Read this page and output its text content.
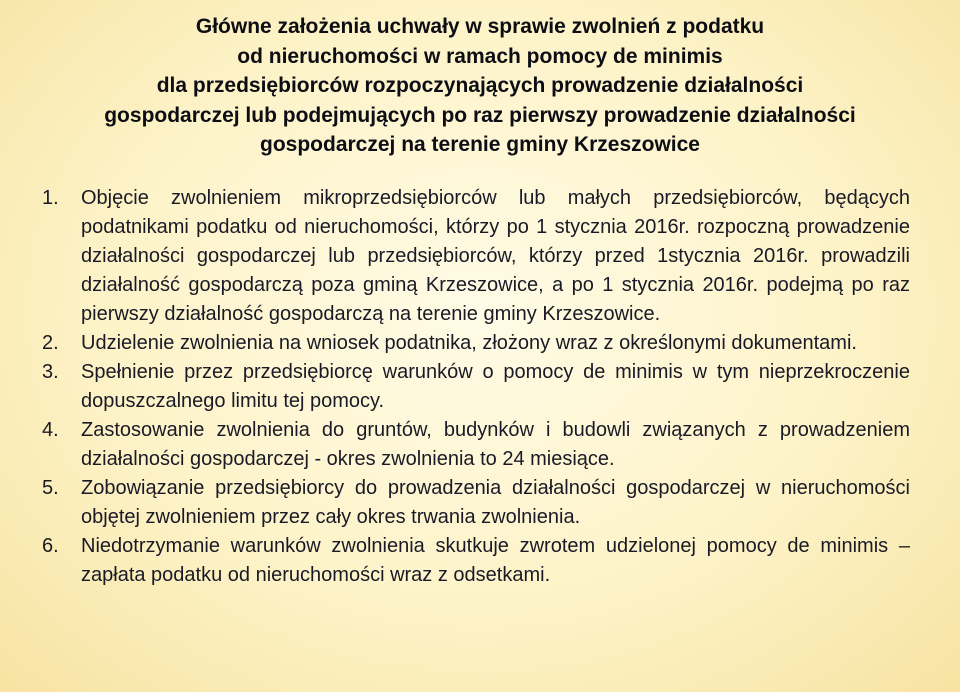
Główne założenia uchwały w sprawie zwolnień z podatku
od nieruchomości w ramach pomocy de minimis
dla przedsiębiorców rozpoczynających prowadzenie działalności
gospodarczej lub podejmujących po raz pierwszy prowadzenie działalności
gospodarczej na terenie gminy Krzeszowice
1. Objęcie zwolnieniem mikroprzedsiębiorców lub małych przedsiębiorców, będących podatnikami podatku od nieruchomości, którzy po 1 stycznia 2016r. rozpoczną prowadzenie działalności gospodarczej lub przedsiębiorców, którzy przed 1stycznia 2016r. prowadzili działalność gospodarczą poza gminą Krzeszowice, a po 1 stycznia 2016r. podejmą po raz pierwszy działalność gospodarczą na terenie gminy Krzeszowice.
2. Udzielenie zwolnienia na wniosek podatnika, złożony wraz z określonymi dokumentami.
3. Spełnienie przez przedsiębiorcę warunków o pomocy de minimis w tym nieprzekroczenie dopuszczalnego limitu tej pomocy.
4. Zastosowanie zwolnienia do gruntów, budynków i budowli związanych z prowadzeniem działalności gospodarczej - okres zwolnienia to 24 miesiące.
5. Zobowiązanie przedsiębiorcy do prowadzenia działalności gospodarczej w nieruchomości objętej zwolnieniem przez cały okres trwania zwolnienia.
6. Niedotrzymanie warunków zwolnienia skutkuje zwrotem udzielonej pomocy de minimis – zapłata podatku od nieruchomości wraz z odsetkami.
